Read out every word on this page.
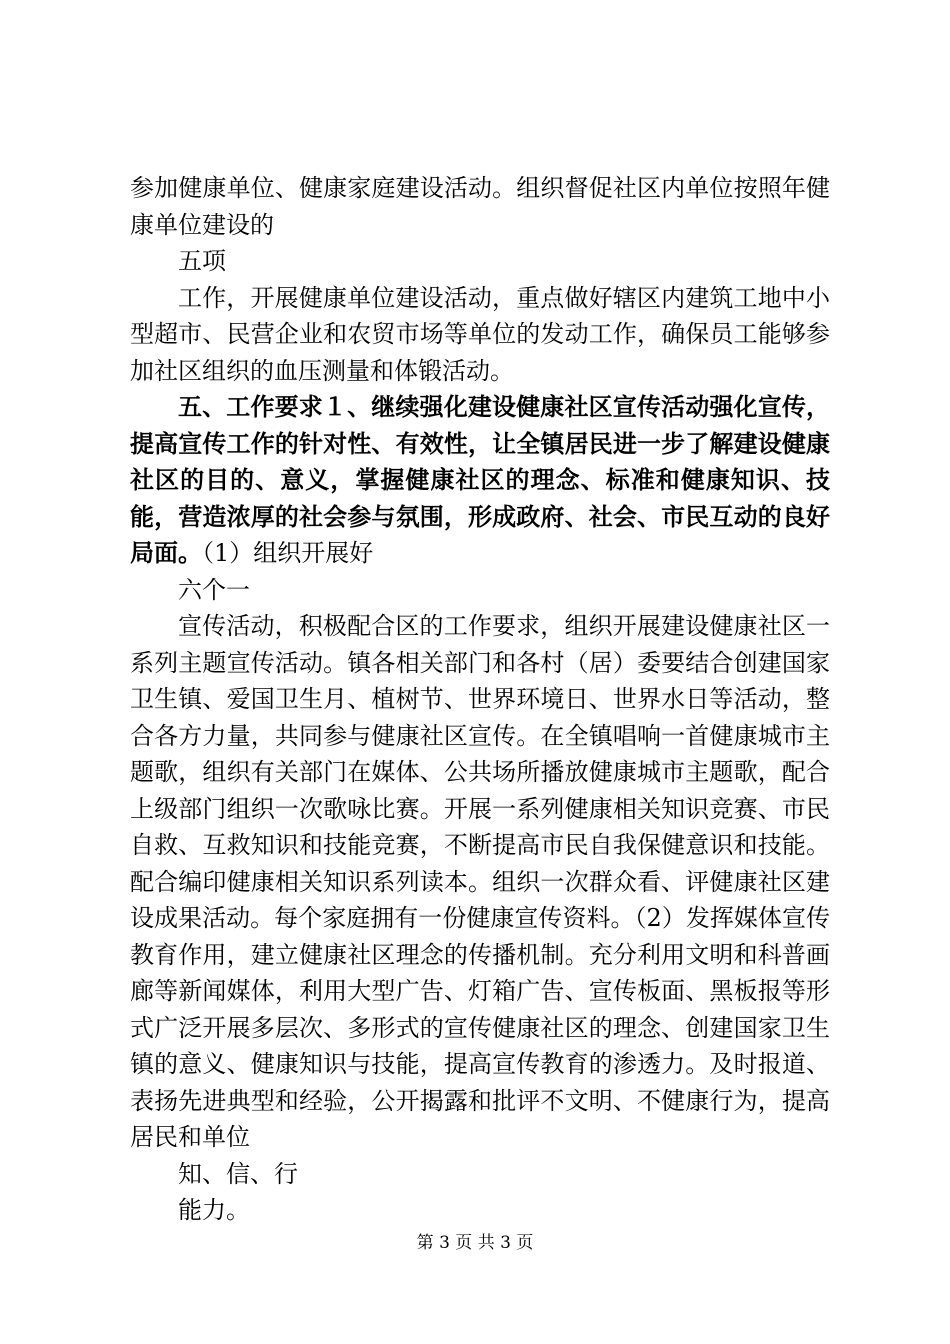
参加健康单位、健康家庭建设活动。组织督促社区内单位按照年健康单位建设的

五项

工作，开展健康单位建设活动，重点做好辖区内建筑工地中小型超市、民营企业和农贸市场等单位的发动工作，确保员工能够参加社区组织的血压测量和体锻活动。

五、工作要求１、继续强化建设健康社区宣传活动强化宣传，提高宣传工作的针对性、有效性，让全镇居民进一步了解建设健康社区的目的、意义，掌握健康社区的理念、标准和健康知识、技能，营造浓厚的社会参与氛围，形成政府、社会、市民互动的良好局面。（1）组织开展好

六个一

宣传活动，积极配合区的工作要求，组织开展建设健康社区一系列主题宣传活动。镇各相关部门和各村（居）委要结合创建国家卫生镇、爱国卫生月、植树节、世界环境日、世界水日等活动，整合各方力量，共同参与健康社区宣传。在全镇唱响一首健康城市主题歌，组织有关部门在媒体、公共场所播放健康城市主题歌，配合上级部门组织一次歌咏比赛。开展一系列健康相关知识竞赛、市民自救、互救知识和技能竞赛，不断提高市民自我保健意识和技能。配合编印健康相关知识系列读本。组织一次群众看、评健康社区建设成果活动。每个家庭拥有一份健康宣传资料。（2）发挥媒体宣传教育作用，建立健康社区理念的传播机制。充分利用文明和科普画廊等新闻媒体，利用大型广告、灯箱广告、宣传板面、黑板报等形式广泛开展多层次、多形式的宣传健康社区的理念、创建国家卫生镇的意义、健康知识与技能，提高宣传教育的渗透力。及时报道、表扬先进典型和经验，公开揭露和批评不文明、不健康行为，提高居民和单位

知、信、行

能力。

第 3 页 共 3 页
